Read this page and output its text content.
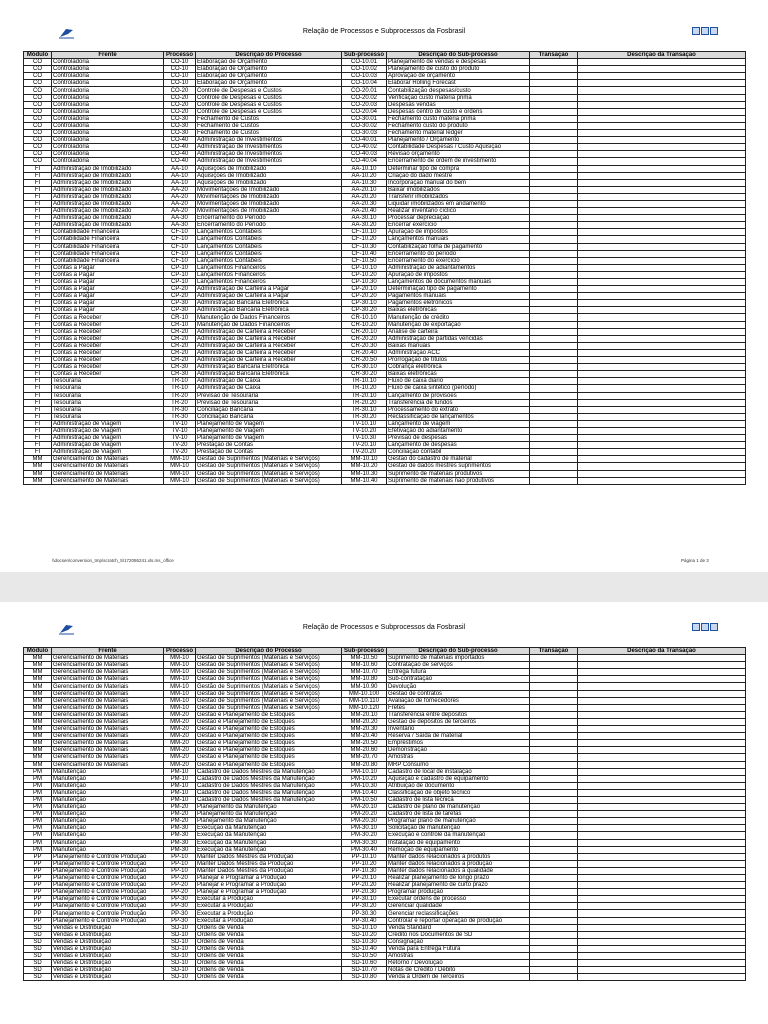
Relação de Processos e Subprocessos da Fosbrasil
Módulo	Frente	Processo	Descrição do Processo	Sub-processo	Descrição do Sub-processo	Transação	Descrição da Transação
CO	Controladoria	CO-10	Elaboração de Orçamento	CO-10.01	Planejamento de vendas e despesas		
CO	Controladoria	CO-10	Elaboração de Orçamento	CO-10.02	Planejamento de custo do produto		
CO	Controladoria	CO-10	Elaboração de Orçamento	CO-10.03	Aprovação de orçamento		
CO	Controladoria	CO-10	Elaboração de Orçamento	CO-10.04	Elaborar Rolling Forecast		
CO	Controladoria	CO-20	Controle de Despesas e Custos	CO-20.01	Contabilização despesas/custo		
CO	Controladoria	CO-20	Controle de Despesas e Custos	CO-20.02	Verificação custo matéria prima		
CO	Controladoria	CO-20	Controle de Despesas e Custos	CO-20.03	Despesas vendas		
CO	Controladoria	CO-20	Controle de Despesas e Custos	CO-20.04	Despesas centro de custo e ordens		
CO	Controladoria	CO-30	Fechamento de Custos	CO-30.01	Fechamento custo matéria prima		
CO	Controladoria	CO-30	Fechamento de Custos	CO-30.02	Fechamento custo do produto		
CO	Controladoria	CO-30	Fechamento de Custos	CO-30.03	Fechamento material ledger		
CO	Controladoria	CO-40	Administração de Investimentos	CO-40.01	Planejamento / Orçamento		
CO	Controladoria	CO-40	Administração de Investimentos	CO-40.02	Contabilidade Despesas / Custo Aquisição		
CO	Controladoria	CO-40	Administração de Investimentos	CO-40.03	Revisão orçamento		
CO	Controladoria	CO-40	Administração de Investimentos	CO-40.04	Encerramento de ordem de investimento		
FI	Administração de Imobilizado	AA-10	Aquisições de Imobilizado	AA-10.10	Determinar tipo de compra		
FI	Administração de Imobilizado	AA-10	Aquisições de Imobilizado	AA-10.20	Criação do dado mestre		
FI	Administração de Imobilizado	AA-10	Aquisições de Imobilizado	AA-10.30	Incorporação manual do bem		
FI	Administração de Imobilizado	AA-20	Movimentações de Imobilizado	AA-20.10	Baixar imobilizados		
FI	Administração de Imobilizado	AA-20	Movimentações de Imobilizado	AA-20.20	Transferir imobilizados		
FI	Administração de Imobilizado	AA-20	Movimentações de Imobilizado	AA-20.30	Liquidar imobilizados em andamento		
FI	Administração de Imobilizado	AA-20	Movimentações de Imobilizado	AA-20.40	Realizar inventário cíclico		
FI	Administração de Imobilizado	AA-30	Encerramento do Período	AA-30.10	Processar depreciação		
FI	Administração de Imobilizado	AA-30	Encerramento do Período	AA-30.20	Encerrar exercício		
FI	Contabilidade Financeira	CF-10	Lançamentos Contábeis	CF-10.10	Apuração de impostos		
FI	Contabilidade Financeira	CF-10	Lançamentos Contábeis	CF-10.20	Lançamentos manuais		
FI	Contabilidade Financeira	CF-10	Lançamentos Contábeis	CF-10.30	Contabilização folha de pagamento		
FI	Contabilidade Financeira	CF-10	Lançamentos Contábeis	CF-10.40	Encerramento do período		
FI	Contabilidade Financeira	CF-10	Lançamentos Contábeis	CF-10.50	Encerramento do exercício		
FI	Contas a Pagar	CP-10	Lançamentos Financeiros	CP-10.10	Administração de adiantamentos		
FI	Contas a Pagar	CP-10	Lançamentos Financeiros	CP-10.20	Apuração de impostos		
FI	Contas a Pagar	CP-10	Lançamentos Financeiros	CP-10.30	Lançamentos de documentos manuais		
FI	Contas a Pagar	CP-20	Administração de Carteira a Pagar	CP-20.10	Determinação tipo de pagamento		
FI	Contas a Pagar	CP-20	Administração de Carteira a Pagar	CP-20.20	Pagamentos manuais		
FI	Contas a Pagar	CP-30	Administração Bancária Eletrônica	CP-30.10	Pagamentos eletrônicos		
FI	Contas a Pagar	CP-30	Administração Bancária Eletrônica	CP-30.20	Baixas eletrônicas		
FI	Contas a Receber	CR-10	Manutenção de Dados Financeiros	CR-10.10	Manutenção de crédito		
FI	Contas a Receber	CR-10	Manutenção de Dados Financeiros	CR-10.20	Manutenção de exportação		
FI	Contas a Receber	CR-20	Administração de Carteira a Receber	CR-20.10	Análise de carteira		
FI	Contas a Receber	CR-20	Administração de Carteira a Receber	CR-20.20	Administração de partidas vencidas		
FI	Contas a Receber	CR-20	Administração de Carteira a Receber	CR-20.30	Baixas manuais		
FI	Contas a Receber	CR-20	Administração de Carteira a Receber	CR-20.40	Administração ACC		
FI	Contas a Receber	CR-20	Administração de Carteira a Receber	CR-20.50	Prorrogação de títulos		
FI	Contas a Receber	CR-30	Administração Bancária Eletrônica	CR-30.10	Cobrança eletrônica		
FI	Contas a Receber	CR-30	Administração Bancária Eletrônica	CR-30.20	Baixas eletrônicas		
FI	Tesouraria	TR-10	Administração de Caixa	TR-10.10	Fluxo de caixa diário		
FI	Tesouraria	TR-10	Administração de Caixa	TR-10.20	Fluxo de caixa sintético (período)		
FI	Tesouraria	TR-20	Previsão de Tesouraria	TR-20.10	Lançamento de provisões		
FI	Tesouraria	TR-20	Previsão de Tesouraria	TR-20.20	Transferência de fundos		
FI	Tesouraria	TR-30	Conciliação Bancária	TR-30.10	Processamento do extrato		
FI	Tesouraria	TR-30	Conciliação Bancária	TR-30.20	Reclassificação de lançamentos		
FI	Administração de Viagem	TV-10	Planejamento de Viagem	TV-10.10	Lançamento de viagem		
FI	Administração de Viagem	TV-10	Planejamento de Viagem	TV-10.20	Efetivação do adiantamento		
FI	Administração de Viagem	TV-10	Planejamento de Viagem	TV-10.30	Previsão de despesas		
FI	Administração de Viagem	TV-20	Prestação de Contas	TV-20.10	Lançamento de despesas		
FI	Administração de Viagem	TV-20	Prestação de Contas	TV-20.20	Conciliação contábil		
MM	Gerenciamento de Materiais	MM-10	Gestão de Suprimentos (Materiais e Serviços)	MM-10.10	Gestão do cadastro de material		
MM	Gerenciamento de Materiais	MM-10	Gestão de Suprimentos (Materiais e Serviços)	MM-10.20	Gestão de dados mestres suprimentos		
MM	Gerenciamento de Materiais	MM-10	Gestão de Suprimentos (Materiais e Serviços)	MM-10.30	Suprimento de materiais produtivos		
MM	Gerenciamento de Materiais	MM-10	Gestão de Suprimentos (Materiais e Serviços)	MM-10.40	Suprimento de materiais não produtivos		
\\docsen\conversion_tmp\scratch_5\172086241.xls.ms_office	Página 1 de 3
Relação de Processos e Subprocessos da Fosbrasil
Módulo	Frente	Processo	Descrição do Processo	Sub-processo	Descrição do Sub-processo	Transação	Descrição da Transação
MM	Gerenciamento de Materiais	MM-10	Gestão de Suprimentos (Materiais e Serviços)	MM-10.50	Suprimento de materiais importados		
MM	Gerenciamento de Materiais	MM-10	Gestão de Suprimentos (Materiais e Serviços)	MM-10.60	Contratação de serviços		
MM	Gerenciamento de Materiais	MM-10	Gestão de Suprimentos (Materiais e Serviços)	MM-10.70	Entrega futura		
MM	Gerenciamento de Materiais	MM-10	Gestão de Suprimentos (Materiais e Serviços)	MM-10.80	Sub-contratação		
MM	Gerenciamento de Materiais	MM-10	Gestão de Suprimentos (Materiais e Serviços)	MM-10.90	Devolução		
MM	Gerenciamento de Materiais	MM-10	Gestão de Suprimentos (Materiais e Serviços)	MM-10.100	Gestão de contratos		
MM	Gerenciamento de Materiais	MM-10	Gestão de Suprimentos (Materiais e Serviços)	MM-10.110	Avaliação de fornecedores		
MM	Gerenciamento de Materiais	MM-10	Gestão de Suprimentos (Materiais e Serviços)	MM-10.120	Fretes		
MM	Gerenciamento de Materiais	MM-20	Gestão e Planejamento de Estoques	MM-20.10	Transferência entre depósitos		
MM	Gerenciamento de Materiais	MM-20	Gestão e Planejamento de Estoques	MM-20.20	Gestão de depósitos de terceiros		
MM	Gerenciamento de Materiais	MM-20	Gestão e Planejamento de Estoques	MM-20.30	Inventário		
MM	Gerenciamento de Materiais	MM-20	Gestão e Planejamento de Estoques	MM-20.40	Reserva / Saída de material		
MM	Gerenciamento de Materiais	MM-20	Gestão e Planejamento de Estoques	MM-20.50	Empréstimos		
MM	Gerenciamento de Materiais	MM-20	Gestão e Planejamento de Estoques	MM-20.60	Demonstração		
MM	Gerenciamento de Materiais	MM-20	Gestão e Planejamento de Estoques	MM-20.70	Amostras		
MM	Gerenciamento de Materiais	MM-20	Gestão e Planejamento de Estoques	MM-20.80	MRP Consumo		
PM	Manutenção	PM-10	Cadastro de Dados Mestres da Manutenção	PM-10.10	Cadastro de local de instalação		
PM	Manutenção	PM-10	Cadastro de Dados Mestres da Manutenção	PM-10.20	Aquisição e cadastro de equipamento		
PM	Manutenção	PM-10	Cadastro de Dados Mestres da Manutenção	PM-10.30	Atribuição de documento		
PM	Manutenção	PM-10	Cadastro de Dados Mestres da Manutenção	PM-10.40	Classificação de objeto técnico		
PM	Manutenção	PM-10	Cadastro de Dados Mestres da Manutenção	PM-10.50	Cadastro de lista técnica		
PM	Manutenção	PM-20	Planejamento da Manutenção	PM-20.10	Cadastro de plano de manutenção		
PM	Manutenção	PM-20	Planejamento da Manutenção	PM-20.20	Cadastro de lista de tarefas		
PM	Manutenção	PM-20	Planejamento da Manutenção	PM-20.30	Programar plano de manutenção		
PM	Manutenção	PM-30	Execução da Manutenção	PM-30.10	Solicitação de manutenção		
PM	Manutenção	PM-30	Execução da Manutenção	PM-30.20	Execução e controle da manutenção		
PM	Manutenção	PM-30	Execução da Manutenção	PM-30.30	Instalação de equipamento		
PM	Manutenção	PM-30	Execução da Manutenção	PM-30.40	Remoção de equipamento		
PP	Planejamento e Controle Produção	PP-10	Manter Dados Mestres da Produção	PP-10.10	Manter dados relacionados a produtos		
PP	Planejamento e Controle Produção	PP-10	Manter Dados Mestres da Produção	PP-10.20	Manter dados relacionados à produção		
PP	Planejamento e Controle Produção	PP-10	Manter Dados Mestres da Produção	PP-10.30	Manter dados relacionados à qualidade		
PP	Planejamento e Controle Produção	PP-20	Planejar e Programar a Produção	PP-20.10	Realizar planejamento de longo prazo		
PP	Planejamento e Controle Produção	PP-20	Planejar e Programar a Produção	PP-20.20	Realizar planejamento de curto prazo		
PP	Planejamento e Controle Produção	PP-20	Planejar e Programar a Produção	PP-20.30	Programar produção		
PP	Planejamento e Controle Produção	PP-30	Executar a Produção	PP-30.10	Executar ordens de processo		
PP	Planejamento e Controle Produção	PP-30	Executar a Produção	PP-30.20	Gerenciar qualidade		
PP	Planejamento e Controle Produção	PP-30	Executar a Produção	PP-30.30	Gerenciar reclassificações		
PP	Planejamento e Controle Produção	PP-30	Executar a Produção	PP-30.40	Controlar e reportar operação de produção		
SD	Vendas e Distribuição	SD-10	Ordens de Venda	SD-10.10	Venda Standard		
SD	Vendas e Distribuição	SD-10	Ordens de Venda	SD-10.20	Crédito nos Documentos de SD		
SD	Vendas e Distribuição	SD-10	Ordens de Venda	SD-10.30	Consignação		
SD	Vendas e Distribuição	SD-10	Ordens de Venda	SD-10.40	Venda para Entrega Futura		
SD	Vendas e Distribuição	SD-10	Ordens de Venda	SD-10.50	Amostras		
SD	Vendas e Distribuição	SD-10	Ordens de Venda	SD-10.60	Retorno / Devolução		
SD	Vendas e Distribuição	SD-10	Ordens de Venda	SD-10.70	Notas de Crédito / Débito		
SD	Vendas e Distribuição	SD-10	Ordens de Venda	SD-10.80	Venda à Ordem de Terceiros		
